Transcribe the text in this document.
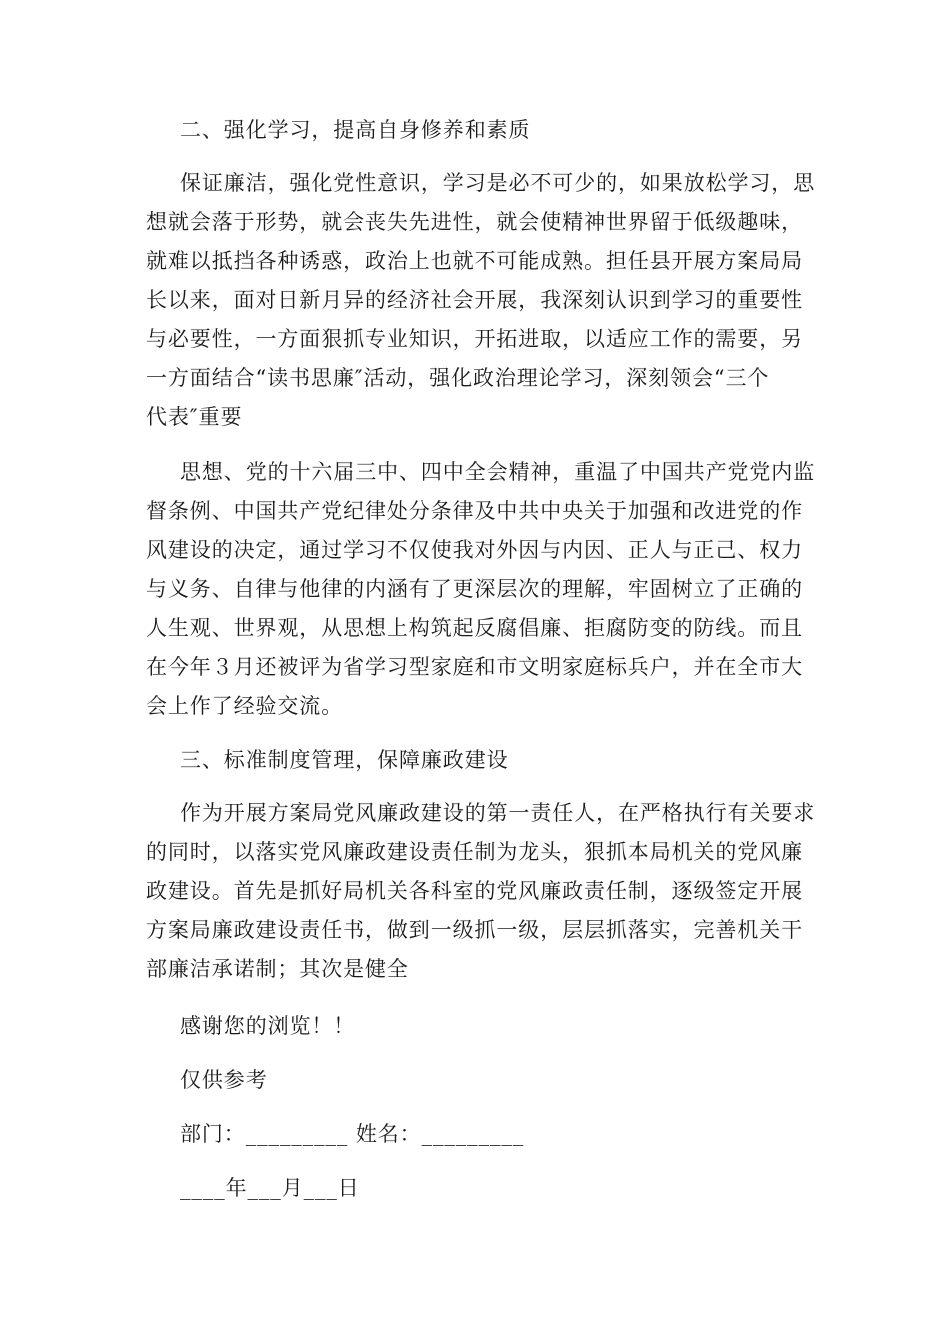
二、强化学习，提高自身修养和素质
保证廉洁，强化党性意识，学习是必不可少的，如果放松学习，思
想就会落于形势，就会丧失先进性，就会使精神世界留于低级趣味，
就难以抵挡各种诱惑，政治上也就不可能成熟。担任县开展方案局局
长以来，面对日新月异的经济社会开展，我深刻认识到学习的重要性
与必要性，一方面狠抓专业知识，开拓进取，以适应工作的需要，另
一方面结合“读书思廉″活动，强化政治理论学习，深刻领会“三个
代表″重要
思想、党的十六届三中、四中全会精神，重温了中国共产党党内监
督条例、中国共产党纪律处分条律及中共中央关于加强和改进党的作
风建设的决定，通过学习不仅使我对外因与内因、正人与正己、权力
与义务、自律与他律的内涵有了更深层次的理解，牢固树立了正确的
人生观、世界观，从思想上构筑起反腐倡廉、拒腐防变的防线。而且
在今年３月还被评为省学习型家庭和市文明家庭标兵户，并在全市大
会上作了经验交流。
三、标准制度管理，保障廉政建设
作为开展方案局党风廉政建设的第一责任人，在严格执行有关要求
的同时，以落实党风廉政建设责任制为龙头，狠抓本局机关的党风廉
政建设。首先是抓好局机关各科室的党风廉政责任制，逐级签定开展
方案局廉政建设责任书，做到一级抓一级，层层抓落实，完善机关干
部廉洁承诺制；其次是健全
感谢您的浏览！！
仅供参考
部门：_________ 姓名：_________
____年___月___日
